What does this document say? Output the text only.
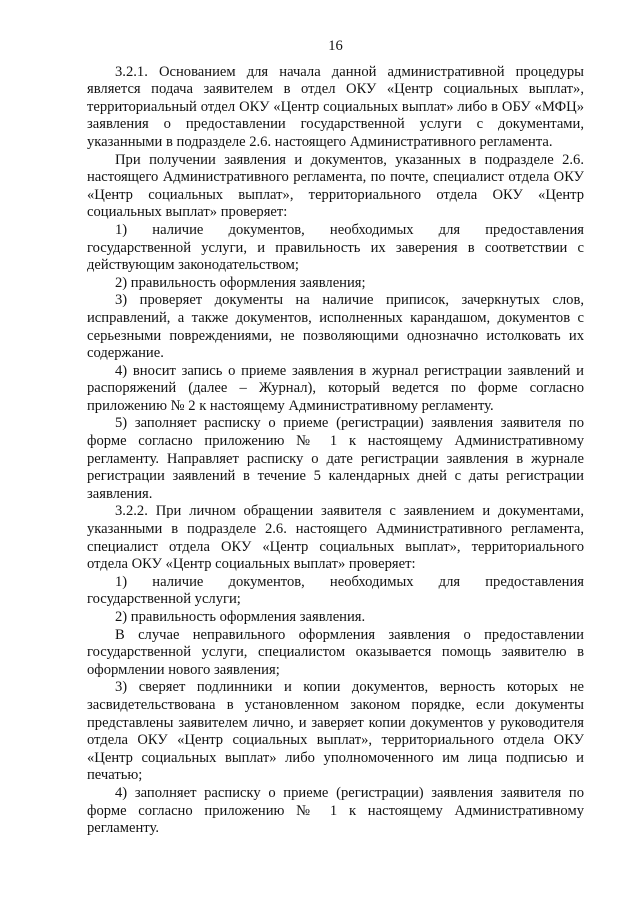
16

3.2.1. Основанием для начала данной административной процедуры является подача заявителем в отдел ОКУ «Центр социальных выплат», территориальный отдел ОКУ «Центр социальных выплат» либо в ОБУ «МФЦ» заявления о предоставлении государственной услуги с документами, указанными в подразделе 2.6. настоящего Административного регламента.

При получении заявления и документов, указанных в подразделе 2.6. настоящего Административного регламента, по почте, специалист отдела ОКУ «Центр социальных выплат», территориального отдела ОКУ «Центр социальных выплат» проверяет:

1) наличие документов, необходимых для предоставления государственной услуги, и правильность их заверения в соответствии с действующим законодательством;

2) правильность оформления заявления;

3) проверяет документы на наличие приписок, зачеркнутых слов, исправлений, а также документов, исполненных карандашом, документов с серьезными повреждениями, не позволяющими однозначно истолковать их содержание.

4) вносит запись о приеме заявления в журнал регистрации заявлений и распоряжений (далее – Журнал), который ведется по форме согласно приложению № 2 к настоящему Административному регламенту.

5) заполняет расписку о приеме (регистрации) заявления заявителя по форме согласно приложению № 1 к настоящему Административному регламенту. Направляет расписку о дате регистрации заявления в журнале регистрации заявлений в течение 5 календарных дней с даты регистрации заявления.

3.2.2. При личном обращении заявителя с заявлением и документами, указанными в подразделе 2.6. настоящего Административного регламента, специалист отдела ОКУ «Центр социальных выплат», территориального отдела ОКУ «Центр социальных выплат» проверяет:

1) наличие документов, необходимых для предоставления государственной услуги;

2) правильность оформления заявления.

В случае неправильного оформления заявления о предоставлении государственной услуги, специалистом оказывается помощь заявителю в оформлении нового заявления;

3) сверяет подлинники и копии документов, верность которых не засвидетельствована в установленном законом порядке, если документы представлены заявителем лично, и заверяет копии документов у руководителя отдела ОКУ «Центр социальных выплат», территориального отдела ОКУ «Центр социальных выплат» либо уполномоченного им лица подписью и печатью;

4) заполняет расписку о приеме (регистрации) заявления заявителя по форме согласно приложению № 1 к настоящему Административному регламенту.
